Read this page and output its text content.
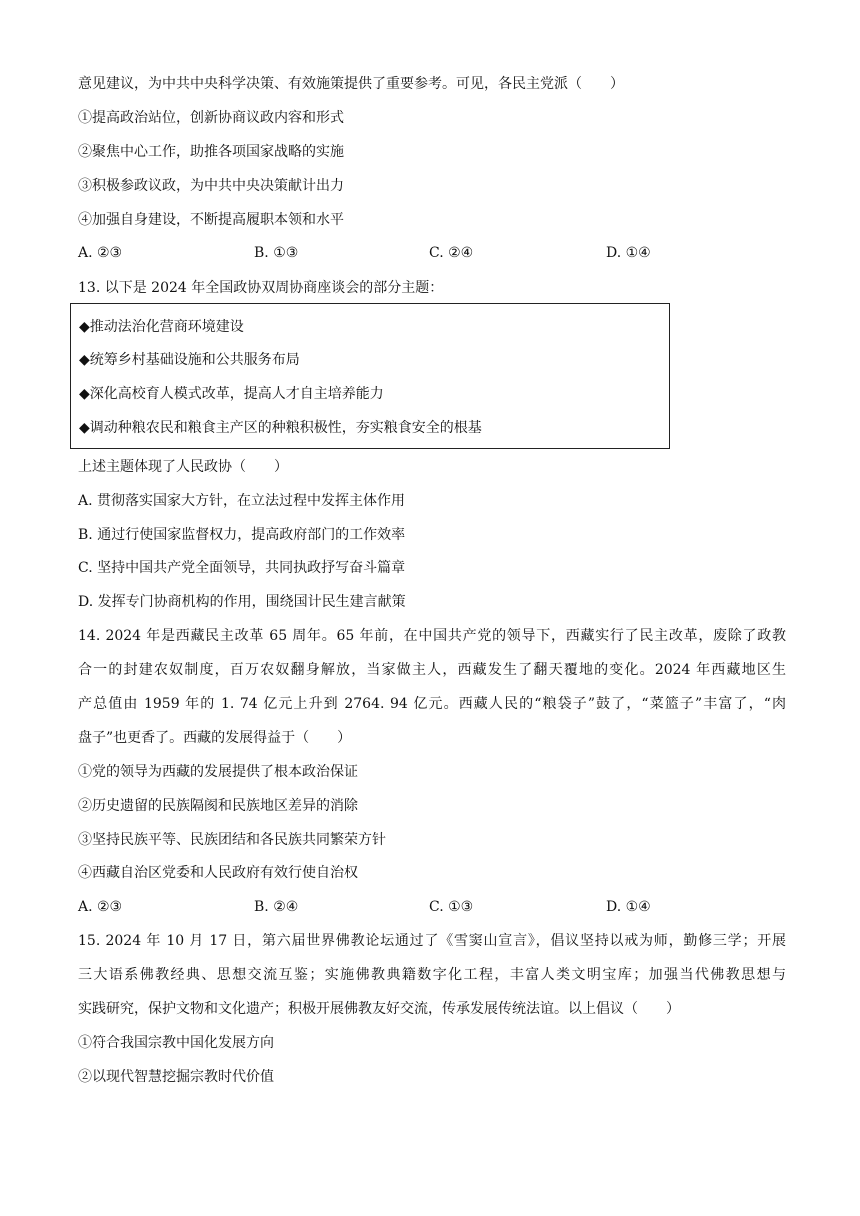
意见建议，为中共中央科学决策、有效施策提供了重要参考。可见，各民主党派（　　）
①提高政治站位，创新协商议政内容和形式
②聚焦中心工作，助推各项国家战略的实施
③积极参政议政，为中共中央决策献计出力
④加强自身建设，不断提高履职本领和水平
A. ②③	B. ①③	C. ②④	D. ①④
13. 以下是 2024 年全国政协双周协商座谈会的部分主题：
◆推动法治化营商环境建设
◆统筹乡村基础设施和公共服务布局
◆深化高校育人模式改革，提高人才自主培养能力
◆调动种粮农民和粮食主产区的种粮积极性，夯实粮食安全的根基
上述主题体现了人民政协（　　）
A. 贯彻落实国家大方针，在立法过程中发挥主体作用
B. 通过行使国家监督权力，提高政府部门的工作效率
C. 坚持中国共产党全面领导，共同执政抒写奋斗篇章
D. 发挥专门协商机构的作用，围绕国计民生建言献策
14. 2024 年是西藏民主改革 65 周年。65 年前，在中国共产党的领导下，西藏实行了民主改革，废除了政教
合一的封建农奴制度，百万农奴翻身解放，当家做主人，西藏发生了翻天覆地的变化。2024 年西藏地区生
产总值由 1959 年的 1. 74 亿元上升到 2764. 94 亿元。西藏人民的“粮袋子”鼓了，“菜篮子”丰富了，“肉
盘子”也更香了。西藏的发展得益于（　　）
①党的领导为西藏的发展提供了根本政治保证
②历史遗留的民族隔阂和民族地区差异的消除
③坚持民族平等、民族团结和各民族共同繁荣方针
④西藏自治区党委和人民政府有效行使自治权
A. ②③	B. ②④	C. ①③	D. ①④
15. 2024 年 10 月 17 日，第六届世界佛教论坛通过了《雪窦山宣言》，倡议坚持以戒为师，勤修三学；开展
三大语系佛教经典、思想交流互鉴；实施佛教典籍数字化工程，丰富人类文明宝库；加强当代佛教思想与
实践研究，保护文物和文化遗产；积极开展佛教友好交流，传承发展传统法谊。以上倡议（　　）
①符合我国宗教中国化发展方向
②以现代智慧挖掘宗教时代价值
